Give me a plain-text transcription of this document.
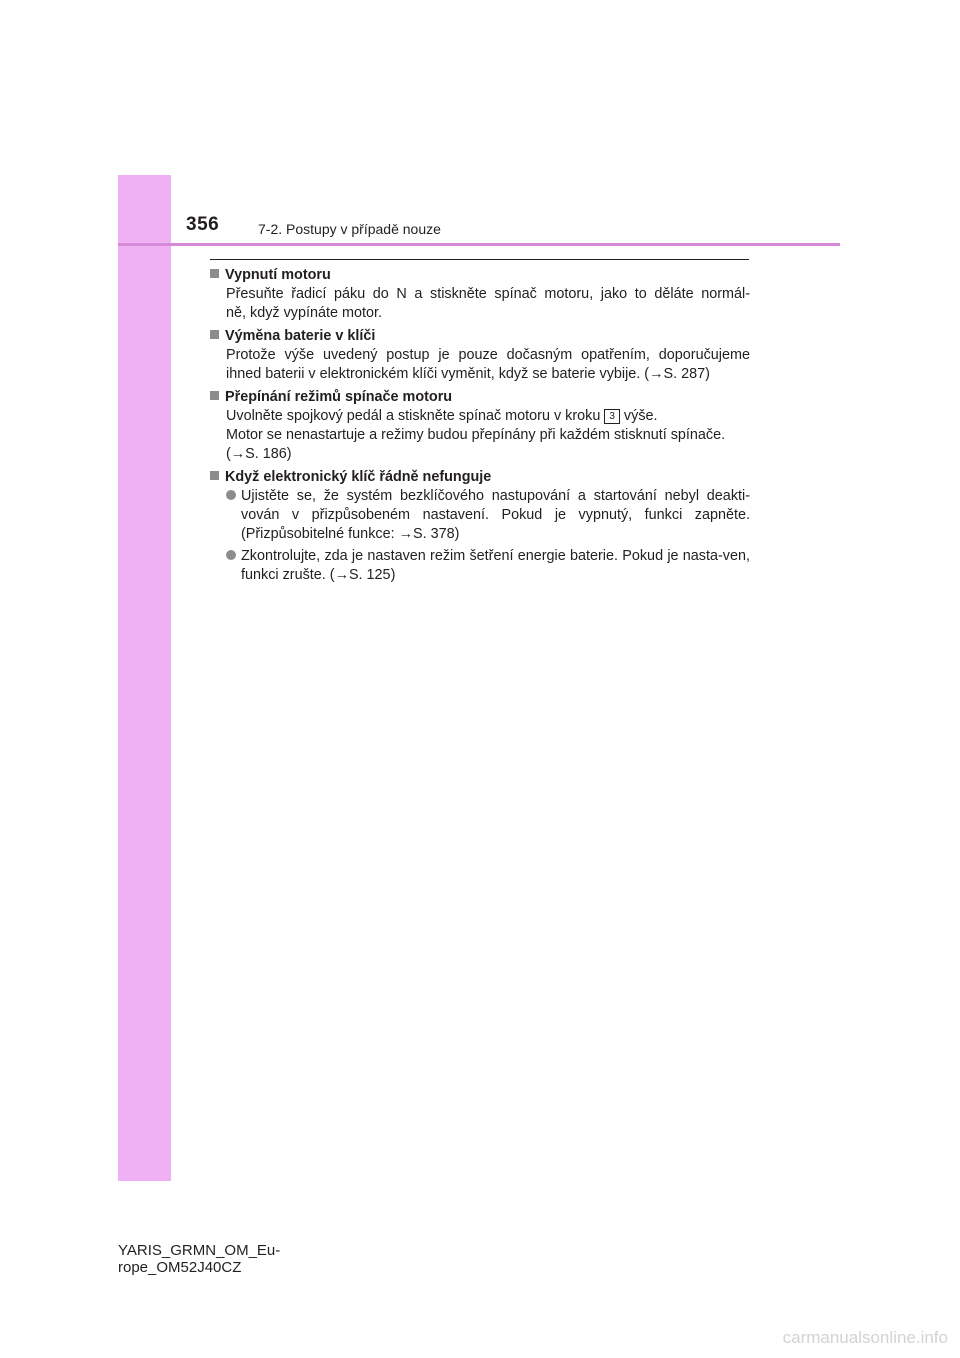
356	7-2. Postupy v případě nouze
Vypnutí motoru
Přesuňte řadicí páku do N a stiskněte spínač motoru, jako to děláte normál-
ně, když vypínáte motor.
Výměna baterie v klíči
Protože výše uvedený postup je pouze dočasným opatřením, doporučujeme
ihned baterii v elektronickém klíči vyměnit, když se baterie vybije. (→S. 287)
Přepínání režimů spínače motoru
Uvolněte spojkový pedál a stiskněte spínač motoru v kroku 3 výše.
Motor se nenastartuje a režimy budou přepínány při každém stisknutí spínače.
(→S. 186)
Když elektronický klíč řádně nefunguje
Ujistěte se, že systém bezklíčového nastupování a startování nebyl deakti-vován v přizpůsobeném nastavení. Pokud je vypnutý, funkci zapněte. (Přizpůsobitelné funkce: →S. 378)
Zkontrolujte, zda je nastaven režim šetření energie baterie. Pokud je nasta-ven, funkci zrušte. (→S. 125)
YARIS_GRMN_OM_Eu-
rope_OM52J40CZ
carmanualsonline.info
